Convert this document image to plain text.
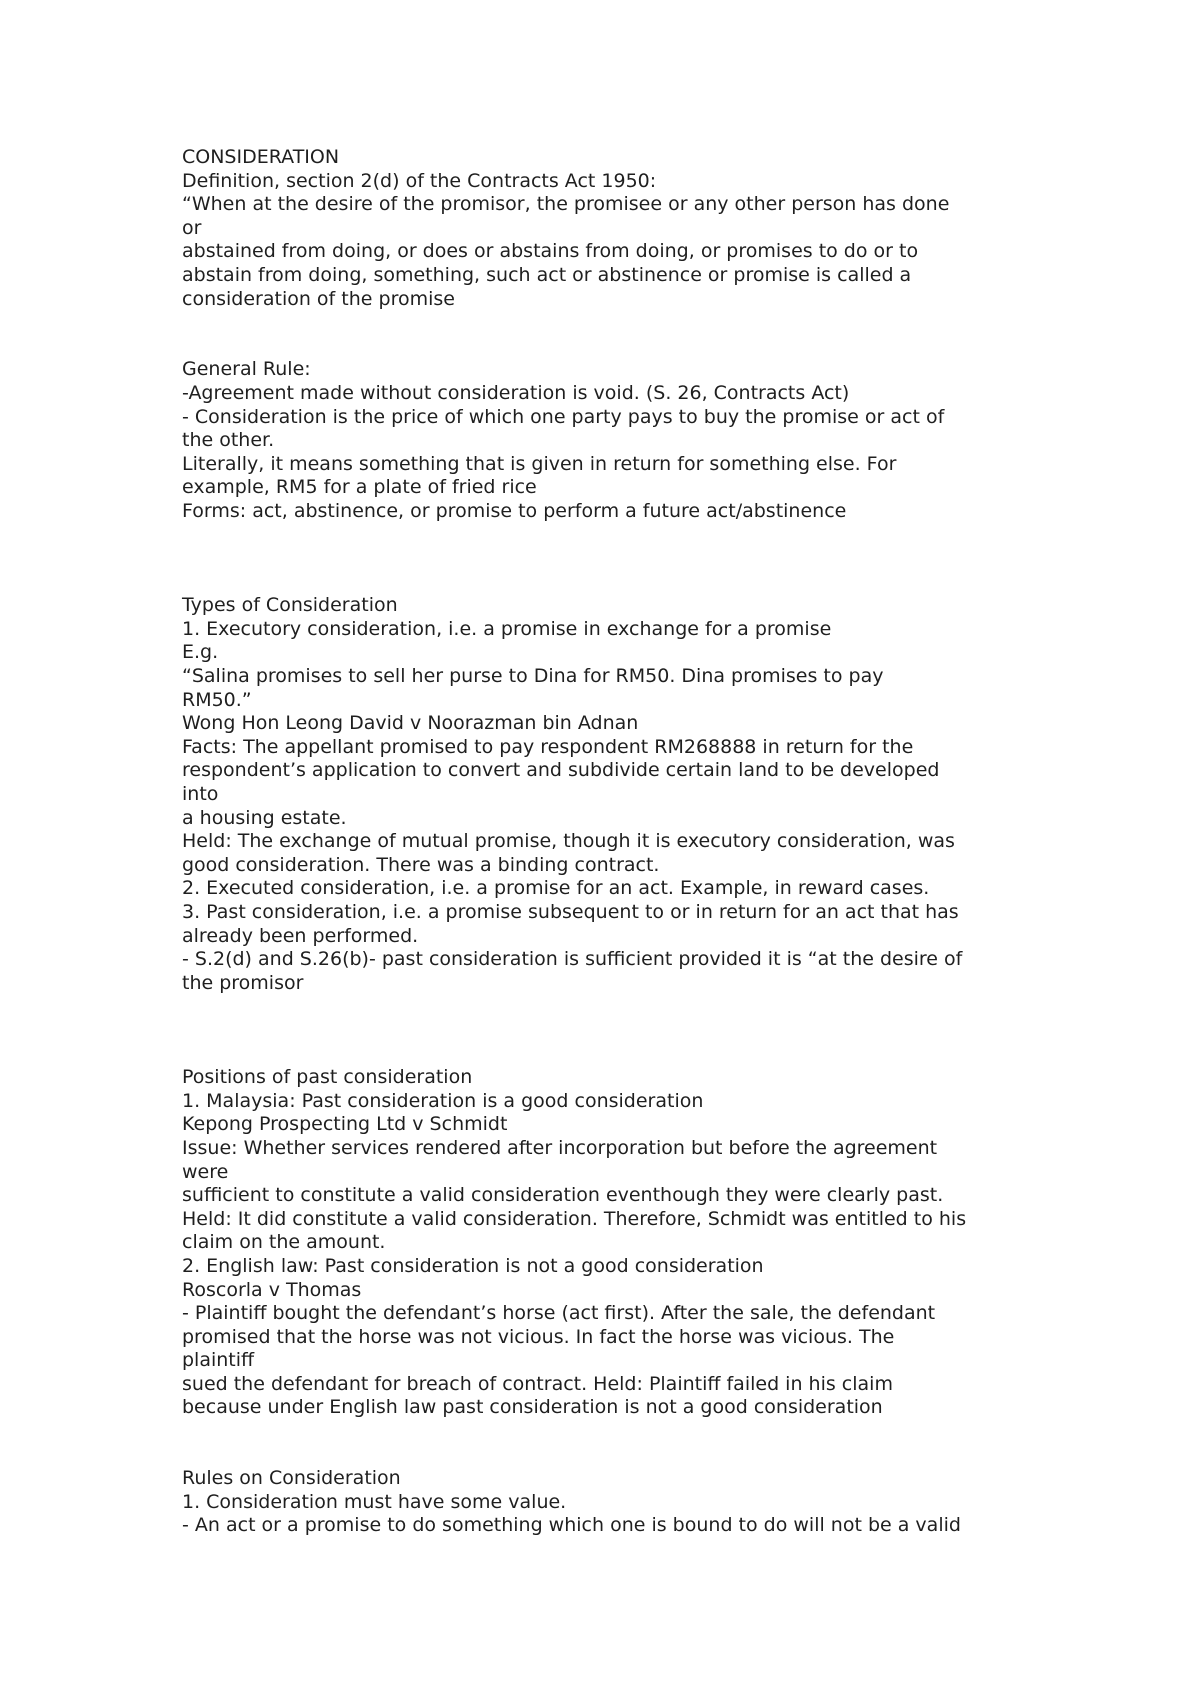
CONSIDERATION
Definition, section 2(d) of the Contracts Act 1950:
“When at the desire of the promisor, the promisee or any other person has done
or
abstained from doing, or does or abstains from doing, or promises to do or to
abstain from doing, something, such act or abstinence or promise is called a
consideration of the promise
General Rule:
-Agreement made without consideration is void. (S. 26, Contracts Act)
- Consideration is the price of which one party pays to buy the promise or act of
the other.
Literally, it means something that is given in return for something else. For
example, RM5 for a plate of fried rice
Forms: act, abstinence, or promise to perform a future act/abstinence
Types of Consideration
1. Executory consideration, i.e. a promise in exchange for a promise
E.g.
“Salina promises to sell her purse to Dina for RM50. Dina promises to pay
RM50.”
Wong Hon Leong David v Noorazman bin Adnan
Facts: The appellant promised to pay respondent RM268888 in return for the
respondent’s application to convert and subdivide certain land to be developed
into
a housing estate.
Held: The exchange of mutual promise, though it is executory consideration, was
good consideration. There was a binding contract.
2. Executed consideration, i.e. a promise for an act. Example, in reward cases.
3. Past consideration, i.e. a promise subsequent to or in return for an act that has
already been performed.
- S.2(d) and S.26(b)- past consideration is sufficient provided it is “at the desire of
the promisor
Positions of past consideration
1. Malaysia: Past consideration is a good consideration
Kepong Prospecting Ltd v Schmidt
Issue: Whether services rendered after incorporation but before the agreement
were
sufficient to constitute a valid consideration eventhough they were clearly past.
Held: It did constitute a valid consideration. Therefore, Schmidt was entitled to his
claim on the amount.
2. English law: Past consideration is not a good consideration
Roscorla v Thomas
- Plaintiff bought the defendant’s horse (act first). After the sale, the defendant
promised that the horse was not vicious. In fact the horse was vicious. The
plaintiff
sued the defendant for breach of contract. Held: Plaintiff failed in his claim
because under English law past consideration is not a good consideration
Rules on Consideration
1. Consideration must have some value.
- An act or a promise to do something which one is bound to do will not be a valid
